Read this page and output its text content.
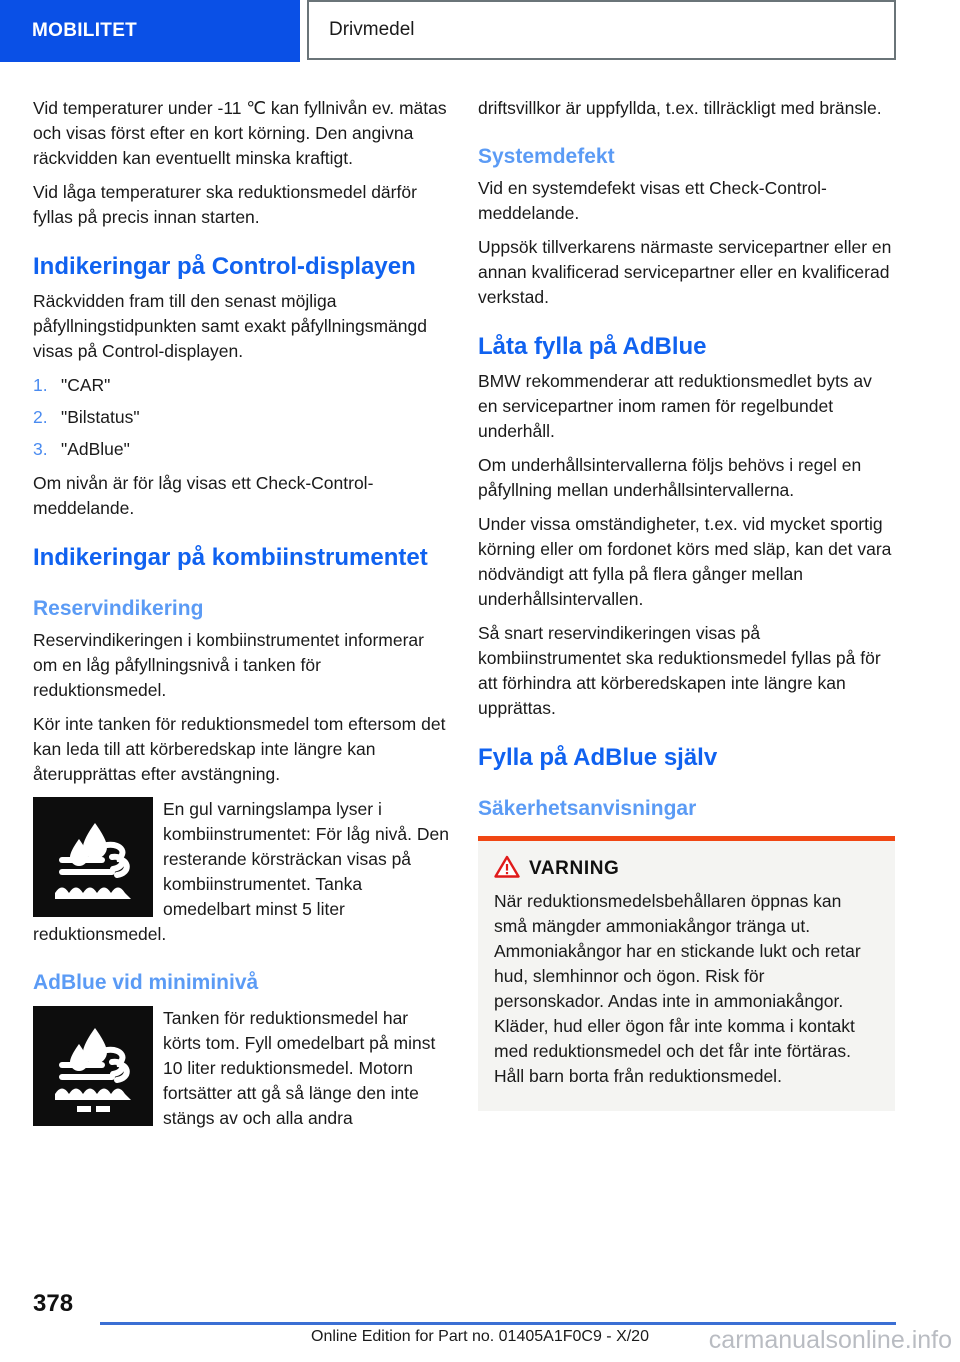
MOBILITET	Drivmedel

Vid temperaturer under -11 ℃ kan fyllnivån ev. mätas och visas först efter en kort körning. Den angivna räckvidden kan eventuellt minska kraftigt.

Vid låga temperaturer ska reduktionsmedel därför fyllas på precis innan starten.

Indikeringar på Control-displayen

Räckvidden fram till den senast möjliga påfyllningstidpunkten samt exakt påfyllningsmängd visas på Control-displayen.

1. "CAR"
2. "Bilstatus"
3. "AdBlue"

Om nivån är för låg visas ett Check-Control-meddelande.

Indikeringar på kombiinstrumentet
Reservindikering

Reservindikeringen i kombiinstrumentet informerar om en låg påfyllningsnivå i tanken för reduktionsmedel.

Kör inte tanken för reduktionsmedel tom eftersom det kan leda till att körberedskap inte längre kan återupprättas efter avstängning.

En gul varningslampa lyser i kombiinstrumentet: För låg nivå. Den resterande körsträckan visas på kombiinstrumentet. Tanka omedelbart minst 5 liter reduktionsmedel.
AdBlue vid miniminivå
Tanken för reduktionsmedel har körts tom. Fyll omedelbart på minst 10 liter reduktionsmedel. Motorn fortsätter att gå så länge den inte stängs av och alla andra

driftsvillkor är uppfyllda, t.ex. tillräckligt med bränsle.

Systemdefekt

Vid en systemdefekt visas ett Check-Control-meddelande.

Uppsök tillverkarens närmaste servicepartner eller en annan kvalificerad servicepartner eller en kvalificerad verkstad.

Låta fylla på AdBlue

BMW rekommenderar att reduktionsmedlet byts av en servicepartner inom ramen för regelbundet underhåll.

Om underhållsintervallerna följs behövs i regel en påfyllning mellan underhållsintervallerna.

Under vissa omständigheter, t.ex. vid mycket sportig körning eller om fordonet körs med släp, kan det vara nödvändigt att fylla på flera gånger mellan underhållsintervallen.

Så snart reservindikeringen visas på kombiinstrumentet ska reduktionsmedel fyllas på för att förhindra att körberedskapen inte längre kan upprättas.

Fylla på AdBlue själv
Säkerhetsanvisningar
VARNING

När reduktionsmedelsbehållaren öppnas kan små mängder ammoniakångor tränga ut. Ammoniakångor har en stickande lukt och retar hud, slemhinnor och ögon. Risk för personskador. Andas inte in ammoniakångor. Kläder, hud eller ögon får inte komma i kontakt med reduktionsmedel och det får inte förtäras. Håll barn borta från reduktionsmedel.

378
Online Edition for Part no. 01405A1F0C9 - X/20	carmanualsonline.info
